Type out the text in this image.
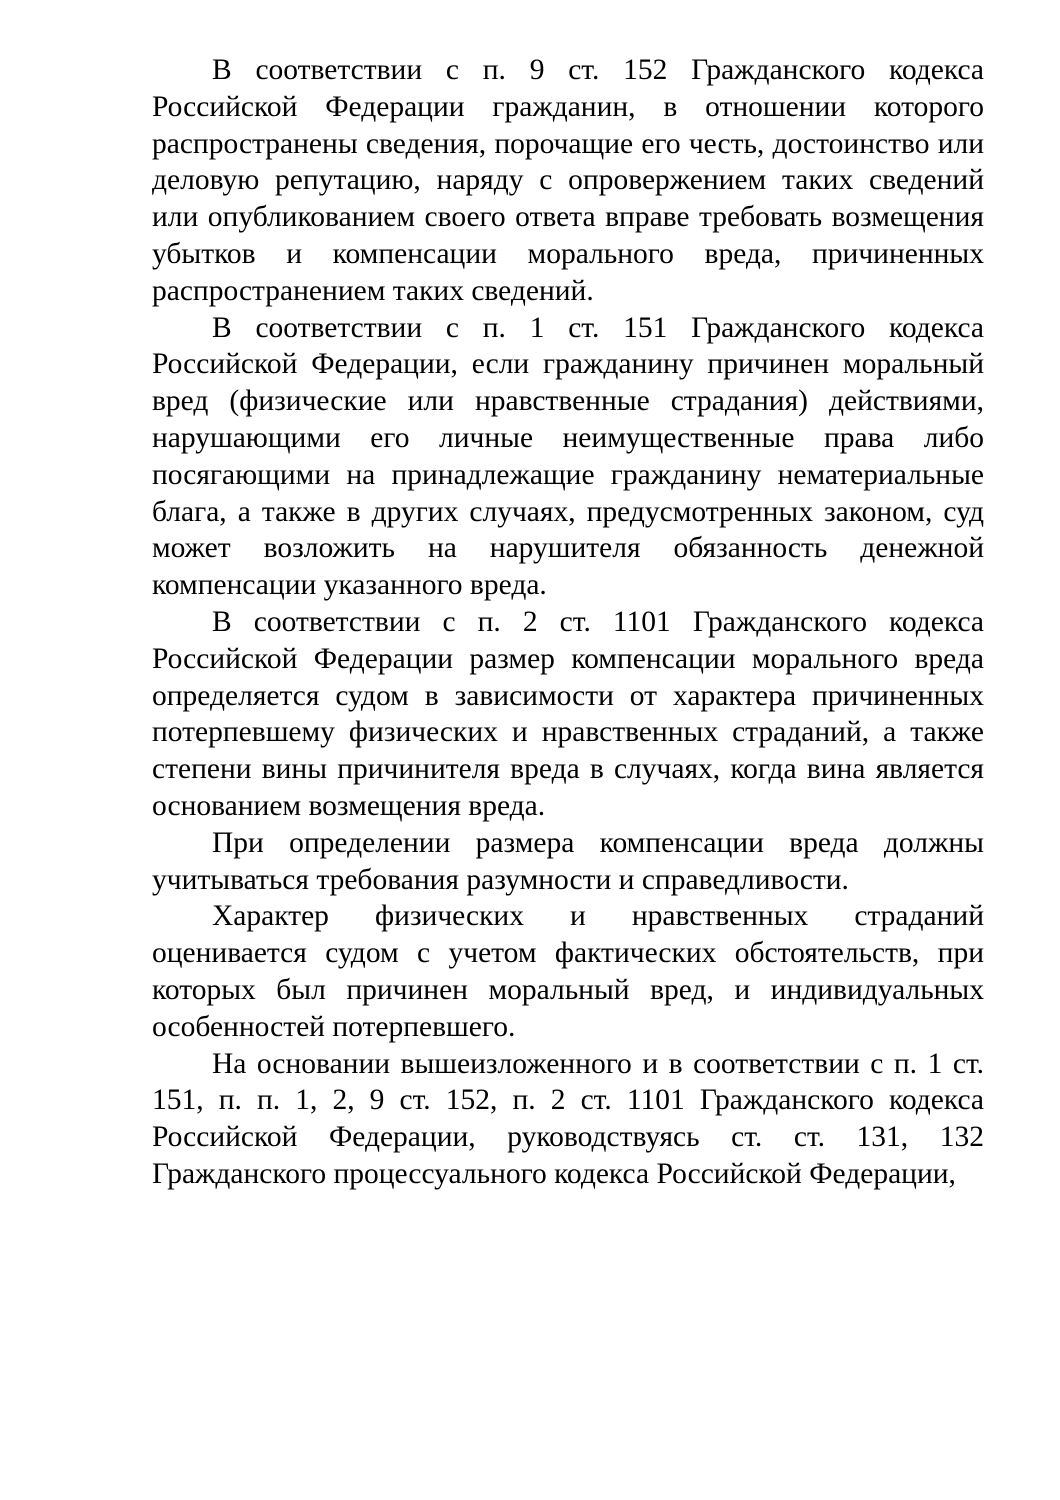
В соответствии с п. 9 ст. 152 Гражданского кодекса Российской Федерации гражданин, в отношении которого распространены сведения, порочащие его честь, достоинство или деловую репутацию, наряду с опровержением таких сведений или опубликованием своего ответа вправе требовать возмещения убытков и компенсации морального вреда, причиненных распространением таких сведений.

В соответствии с п. 1 ст. 151 Гражданского кодекса Российской Федерации, если гражданину причинен моральный вред (физические или нравственные страдания) действиями, нарушающими его личные неимущественные права либо посягающими на принадлежащие гражданину нематериальные блага, а также в других случаях, предусмотренных законом, суд может возложить на нарушителя обязанность денежной компенсации указанного вреда.

В соответствии с п. 2 ст. 1101 Гражданского кодекса Российской Федерации размер компенсации морального вреда определяется судом в зависимости от характера причиненных потерпевшему физических и нравственных страданий, а также степени вины причинителя вреда в случаях, когда вина является основанием возмещения вреда.

При определении размера компенсации вреда должны учитываться требования разумности и справедливости.

Характер физических и нравственных страданий оценивается судом с учетом фактических обстоятельств, при которых был причинен моральный вред, и индивидуальных особенностей потерпевшего.

На основании вышеизложенного и в соответствии с п. 1 ст. 151, п. п. 1, 2, 9 ст. 152, п. 2 ст. 1101 Гражданского кодекса Российской Федерации, руководствуясь ст. ст. 131, 132 Гражданского процессуального кодекса Российской Федерации,
